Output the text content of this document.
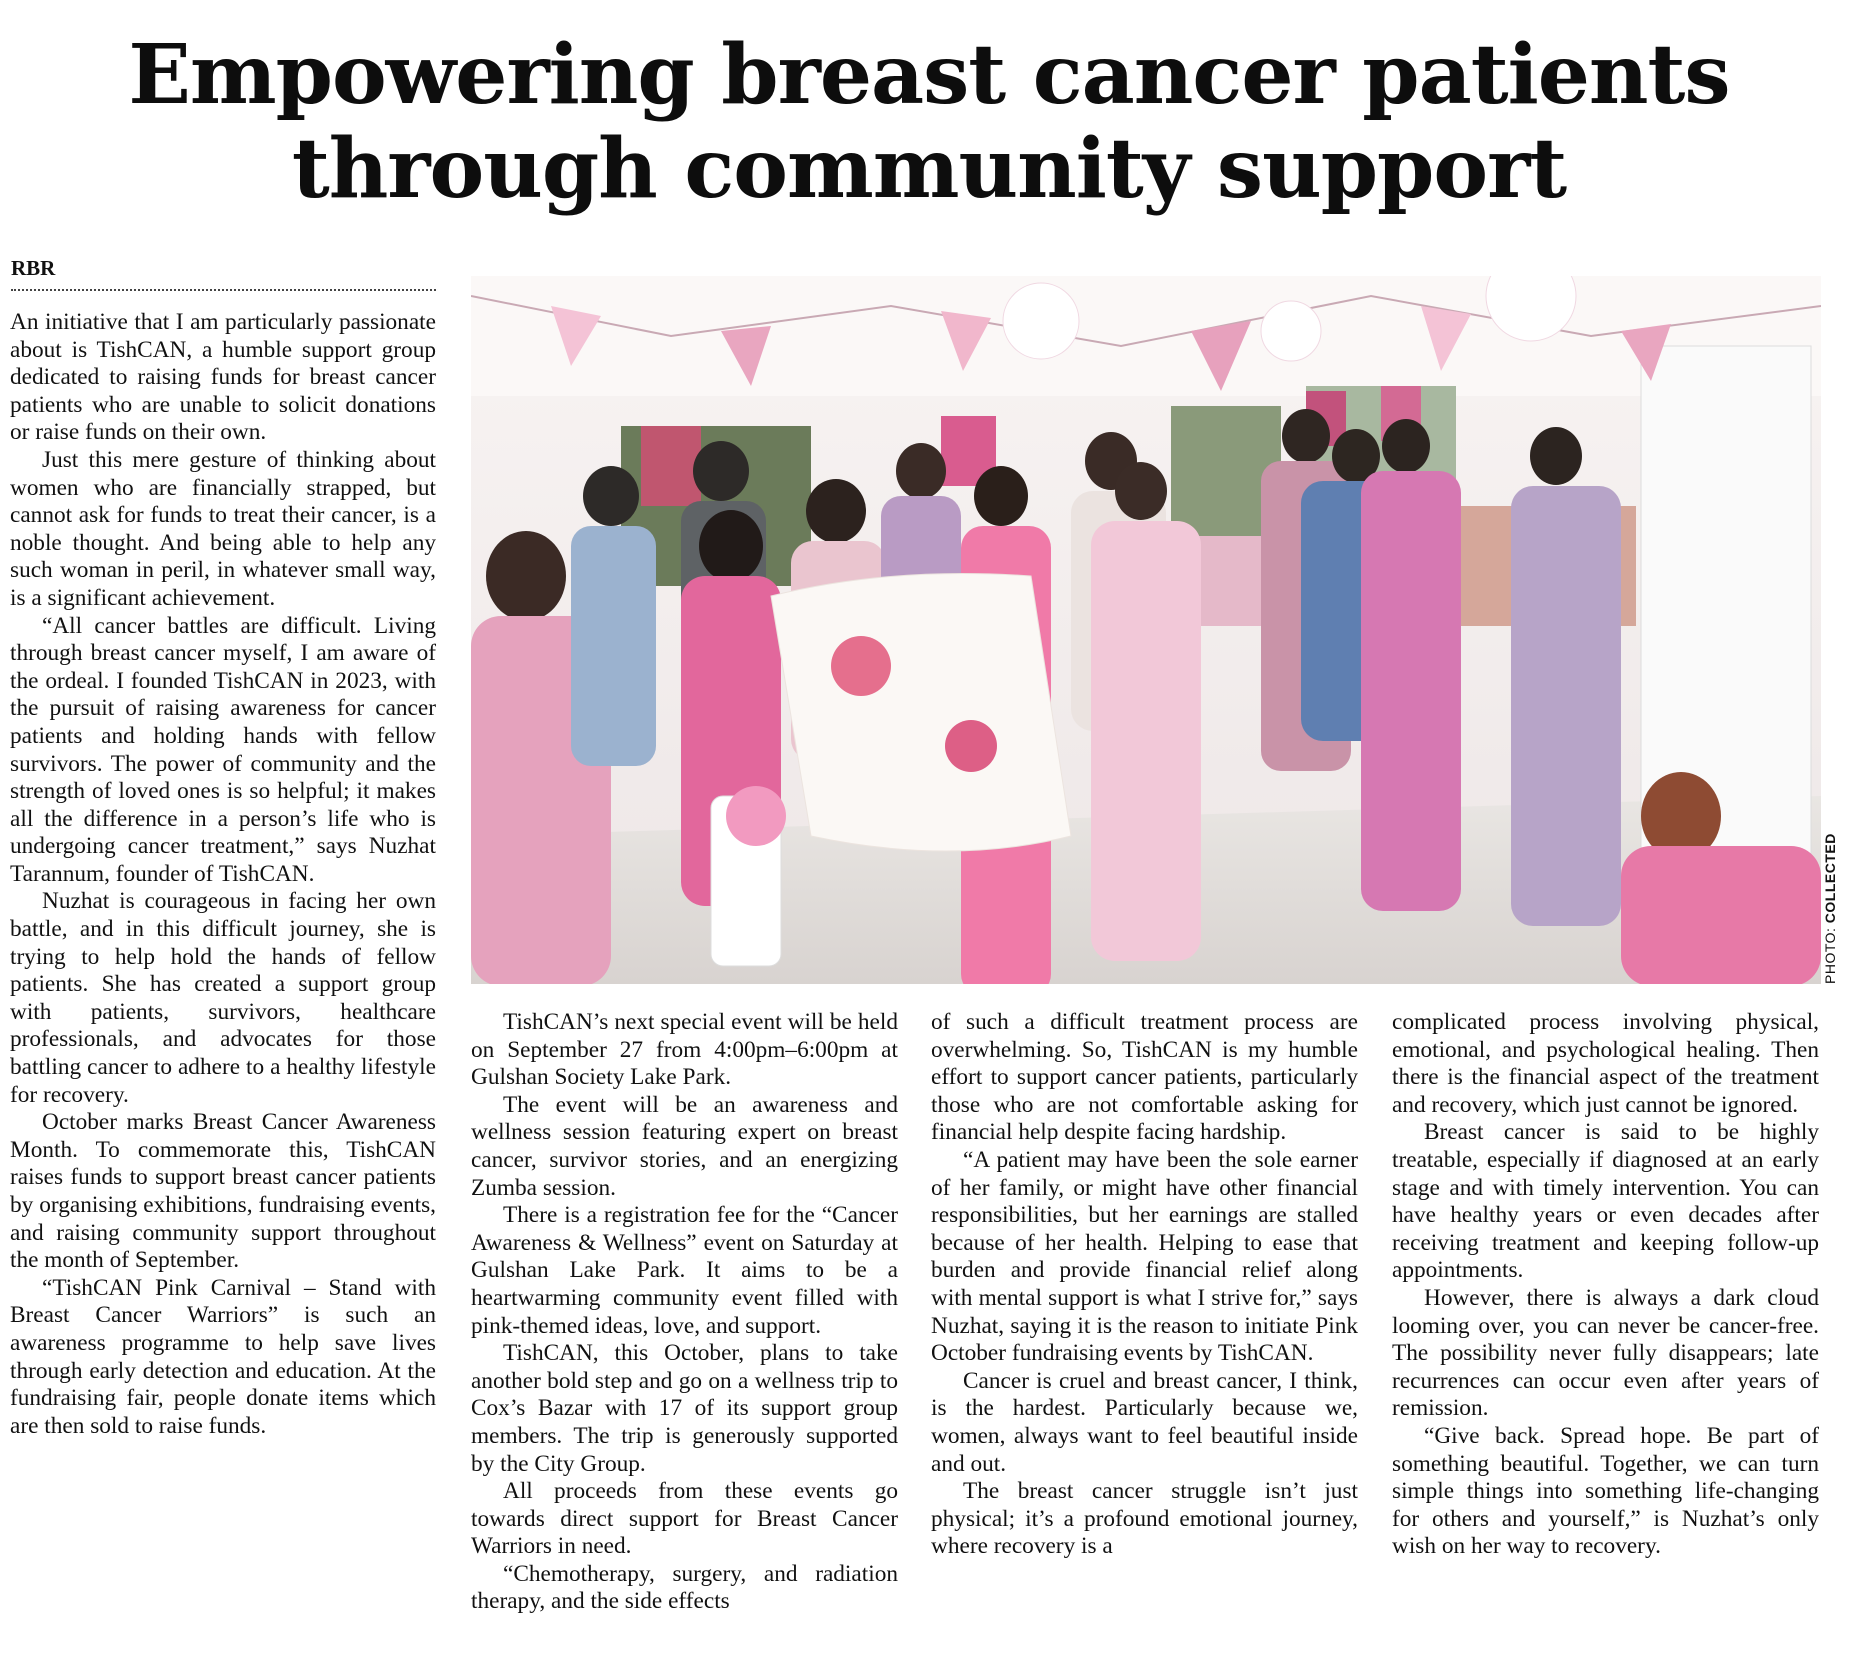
Empowering breast cancer patients
through community support
RBR

An initiative that I am particularly passionate about is TishCAN, a humble support group dedicated to raising funds for breast cancer patients who are unable to solicit donations or raise funds on their own.

Just this mere gesture of thinking about women who are financially strapped, but cannot ask for funds to treat their cancer, is a noble thought. And being able to help any such woman in peril, in whatever small way, is a significant achievement.

“All cancer battles are difficult. Living through breast cancer myself, I am aware of the ordeal. I founded TishCAN in 2023, with the pursuit of raising awareness for cancer patients and holding hands with fellow survivors. The power of community and the strength of loved ones is so helpful; it makes all the difference in a person’s life who is undergoing cancer treatment,” says Nuzhat Tarannum, founder of TishCAN.

Nuzhat is courageous in facing her own battle, and in this difficult journey, she is trying to help hold the hands of fellow patients. She has created a support group with patients, survivors, healthcare professionals, and advocates for those battling cancer to adhere to a healthy lifestyle for recovery.

October marks Breast Cancer Awareness Month. To commemorate this, TishCAN raises funds to support breast cancer patients by organising exhibitions, fundraising events, and raising community support throughout the month of September.

“TishCAN Pink Carnival – Stand with Breast Cancer Warriors” is such an awareness programme to help save lives through early detection and education. At the fundraising fair, people donate items which are then sold to raise funds.

PHOTO: COLLECTED

TishCAN’s next special event will be held on September 27 from 4:00pm–6:00pm at Gulshan Society Lake Park.

The event will be an awareness and wellness session featuring expert on breast cancer, survivor stories, and an energizing Zumba session.

There is a registration fee for the “Cancer Awareness & Wellness” event on Saturday at Gulshan Lake Park. It aims to be a heartwarming community event filled with pink-themed ideas, love, and support.

TishCAN, this October, plans to take another bold step and go on a wellness trip to Cox’s Bazar with 17 of its support group members. The trip is generously supported by the City Group.

All proceeds from these events go towards direct support for Breast Cancer Warriors in need.

“Chemotherapy, surgery, and radiation therapy, and the side effects

of such a difficult treatment process are overwhelming. So, TishCAN is my humble effort to support cancer patients, particularly those who are not comfortable asking for financial help despite facing hardship.

“A patient may have been the sole earner of her family, or might have other financial responsibilities, but her earnings are stalled because of her health. Helping to ease that burden and provide financial relief along with mental support is what I strive for,” says Nuzhat, saying it is the reason to initiate Pink October fundraising events by TishCAN.

Cancer is cruel and breast cancer, I think, is the hardest. Particularly because we, women, always want to feel beautiful inside and out.

The breast cancer struggle isn’t just physical; it’s a profound emotional journey, where recovery is a

complicated process involving physical, emotional, and psychological healing. Then there is the financial aspect of the treatment and recovery, which just cannot be ignored.

Breast cancer is said to be highly treatable, especially if diagnosed at an early stage and with timely intervention. You can have healthy years or even decades after receiving treatment and keeping follow-up appointments.

However, there is always a dark cloud looming over, you can never be cancer-free. The possibility never fully disappears; late recurrences can occur even after years of remission.

“Give back. Spread hope. Be part of something beautiful. Together, we can turn simple things into something life-changing for others and yourself,” is Nuzhat’s only wish on her way to recovery.
